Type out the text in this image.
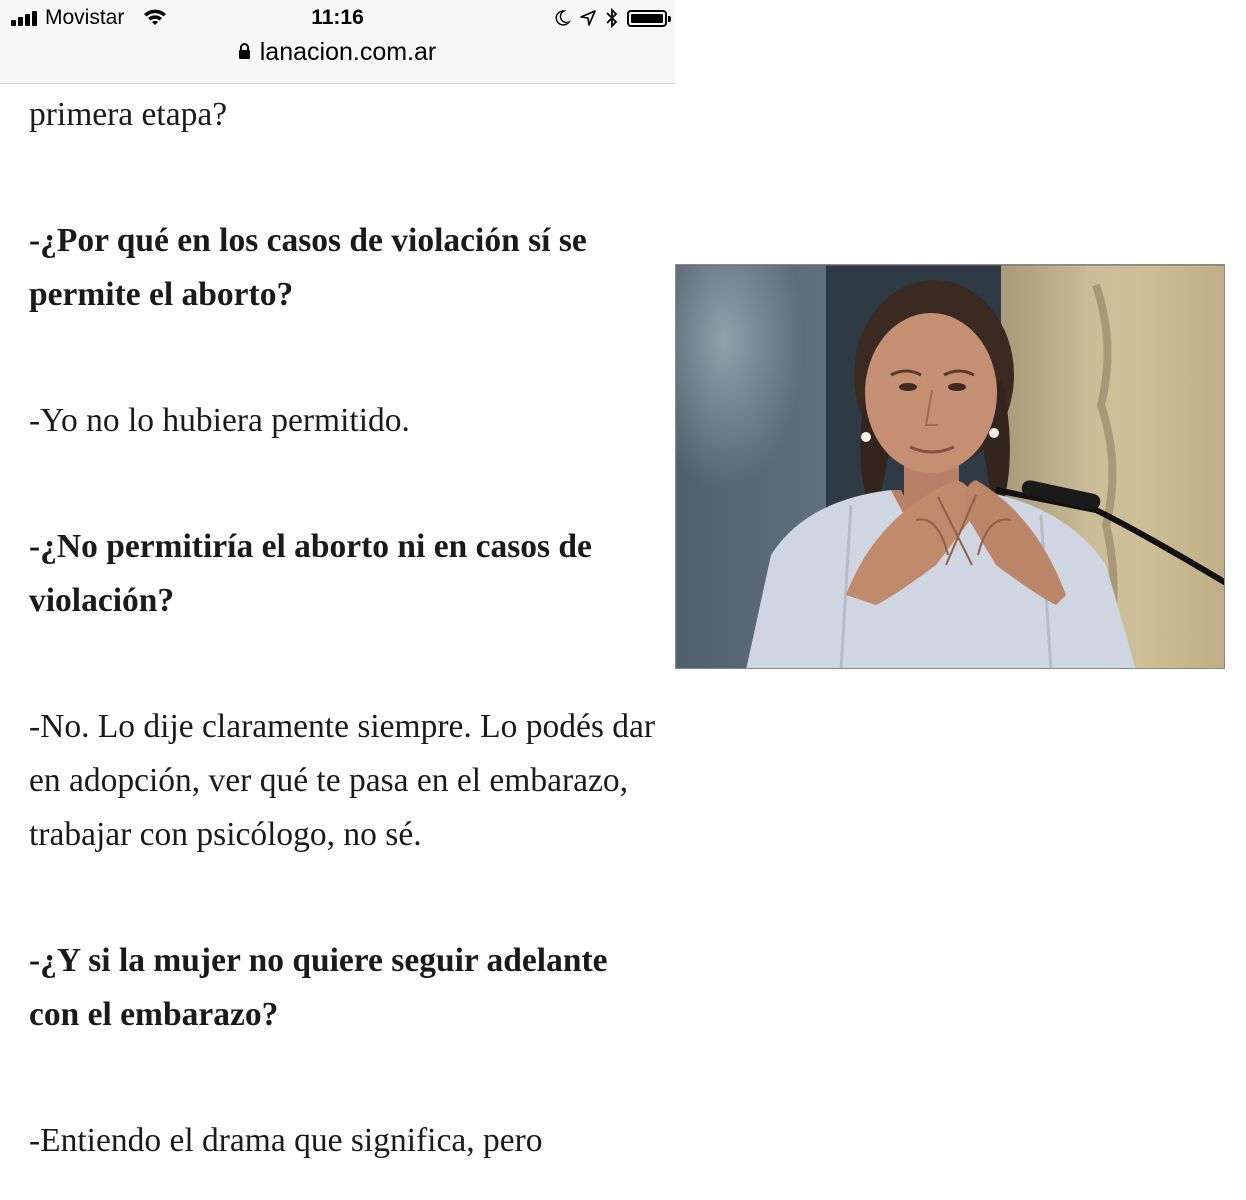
Movistar	11:16
lanacion.com.ar

primera etapa?

-¿Por qué en los casos de violación sí se permite el aborto?

-Yo no lo hubiera permitido.

-¿No permitiría el aborto ni en casos de violación?

-No. Lo dije claramente siempre. Lo podés dar en adopción, ver qué te pasa en el embarazo, trabajar con psicólogo, no sé.

-¿Y si la mujer no quiere seguir adelante con el embarazo?

-Entiendo el drama que significa, pero
